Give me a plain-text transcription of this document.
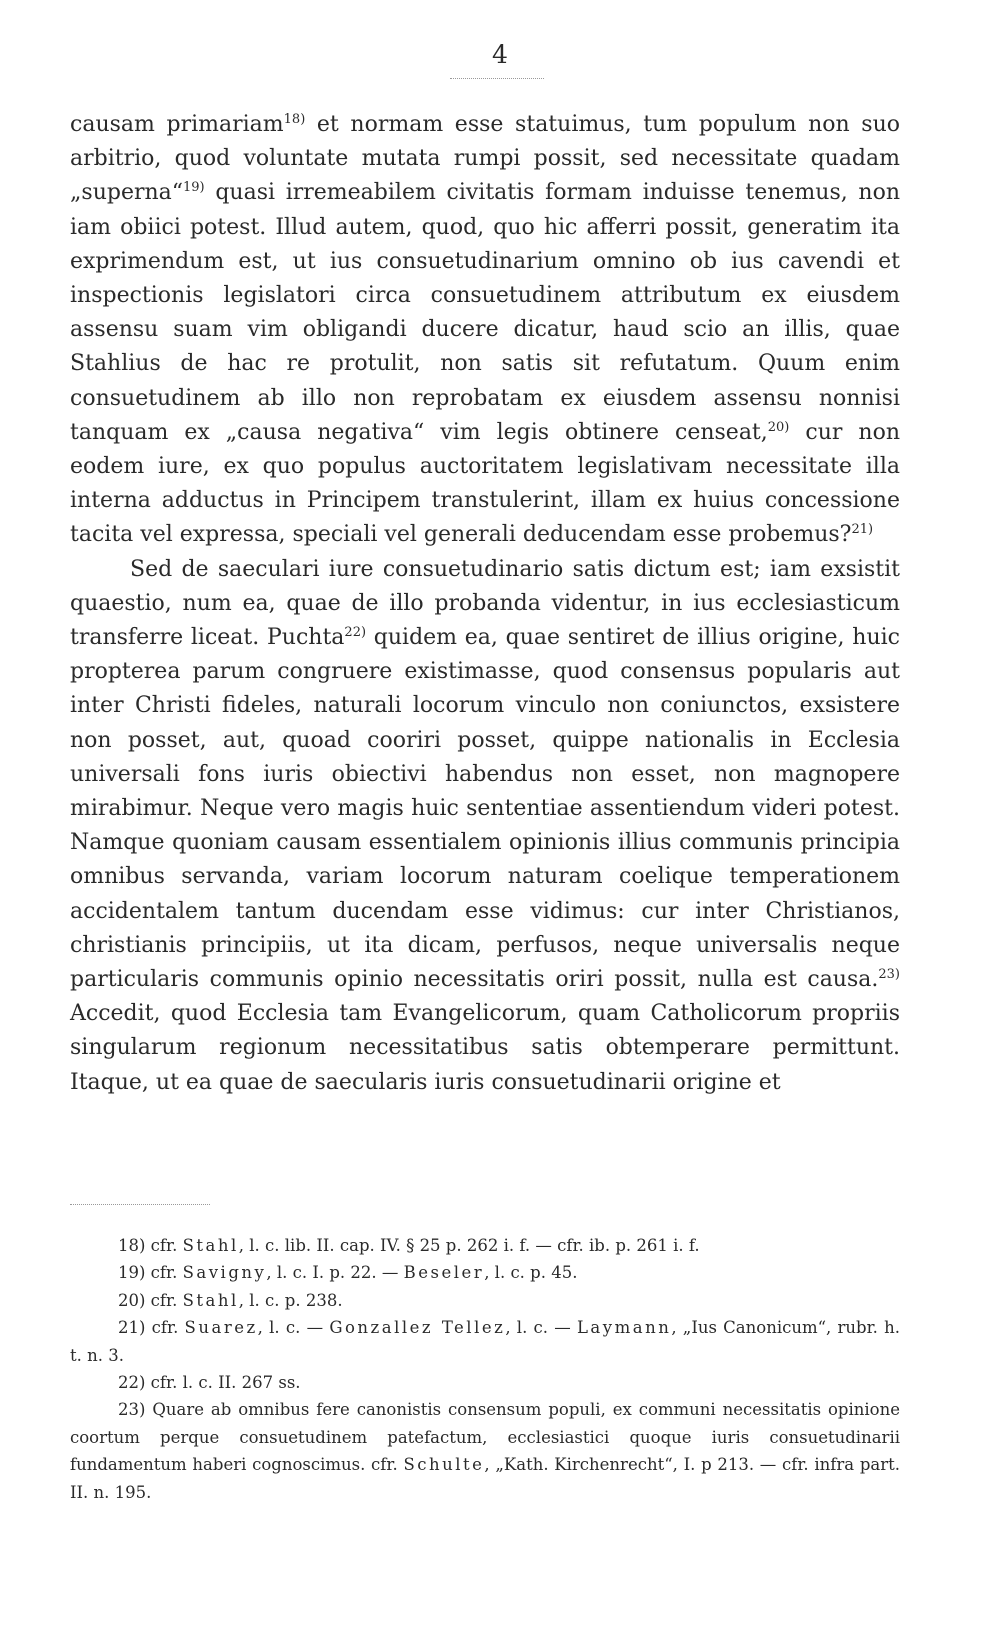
4

causam primariam$^{18)}$ et normam esse statuimus, tum populum non suo arbitrio, quod voluntate mutata rumpi possit, sed necessitate quadam „superna“$^{19)}$ quasi irremeabilem civitatis formam induisse tenemus, non iam obiici potest. Illud autem, quod, quo hic afferri possit, generatim ita exprimendum est, ut ius consuetudinarium omnino ob ius cavendi et inspectionis legislatori circa consuetudinem attributum ex eiusdem assensu suam vim obligandi ducere dicatur, haud scio an illis, quae Stahlius de hac re protulit, non satis sit refutatum. Quum enim consuetudinem ab illo non reprobatam ex eiusdem assensu nonnisi tanquam ex „causa negativa“ vim legis obtinere censeat,$^{20)}$ cur non eodem iure, ex quo populus auctoritatem legislativam necessitate illa interna adductus in Principem transtulerint, illam ex huius concessione tacita vel expressa, speciali vel generali deducendam esse probemus?$^{21)}$

Sed de saeculari iure consuetudinario satis dictum est; iam exsistit quaestio, num ea, quae de illo probanda videntur, in ius ecclesiasticum transferre liceat. Puchta$^{22)}$ quidem ea, quae sentiret de illius origine, huic propterea parum congruere existimasse, quod consensus popularis aut inter Christi fideles, naturali locorum vinculo non coniunctos, exsistere non posset, aut, quoad cooriri posset, quippe nationalis in Ecclesia universali fons iuris obiectivi habendus non esset, non magnopere mirabimur. Neque vero magis huic sententiae assentiendum videri potest. Namque quoniam causam essentialem opinionis illius communis principia omnibus servanda, variam locorum naturam coelique temperationem accidentalem tantum ducendam esse vidimus: cur inter Christianos, christianis principiis, ut ita dicam, perfusos, neque universalis neque particularis communis opinio necessitatis oriri possit, nulla est causa.$^{23)}$ Accedit, quod Ecclesia tam Evangelicorum, quam Catholicorum propriis singularum regionum necessitatibus satis obtemperare permittunt. Itaque, ut ea quae de saecularis iuris consuetudinarii origine et

18) cfr. Stahl, l. c. lib. II. cap. IV. § 25 p. 262 i. f. — cfr. ib. p. 261 i. f.

19) cfr. Savigny, l. c. I. p. 22. — Beseler, l. c. p. 45.

20) cfr. Stahl, l. c. p. 238.

21) cfr. Suarez, l. c. — Gonzallez Tellez, l. c. — Laymann, „Ius Canonicum“, rubr. h. t. n. 3.

22) cfr. l. c. II. 267 ss.

23) Quare ab omnibus fere canonistis consensum populi, ex communi necessitatis opinione coortum perque consuetudinem patefactum, ecclesiastici quoque iuris consuetudinarii fundamentum haberi cognoscimus. cfr. Schulte, „Kath. Kirchenrecht“, I. p 213. — cfr. infra part. II. n. 195.
